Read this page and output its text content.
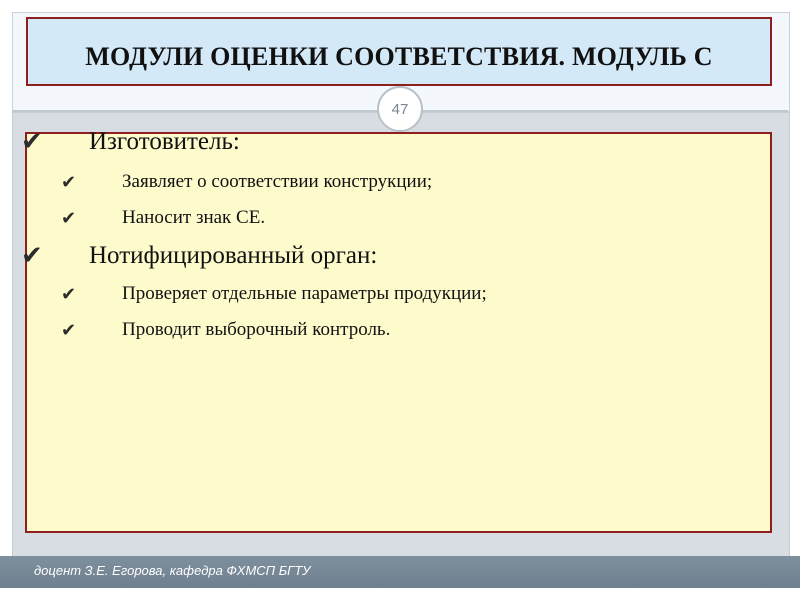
МОДУЛИ ОЦЕНКИ СООТВЕТСТВИЯ. МОДУЛЬ С
47
✔ Изготовитель:
✔ Заявляет о соответствии конструкции;
✔ Наносит знак СЕ.
✔ Нотифицированный орган:
✔ Проверяет отдельные параметры продукции;
✔ Проводит выборочный контроль.
доцент З.Е. Егорова, кафедра ФХМСП БГТУ
